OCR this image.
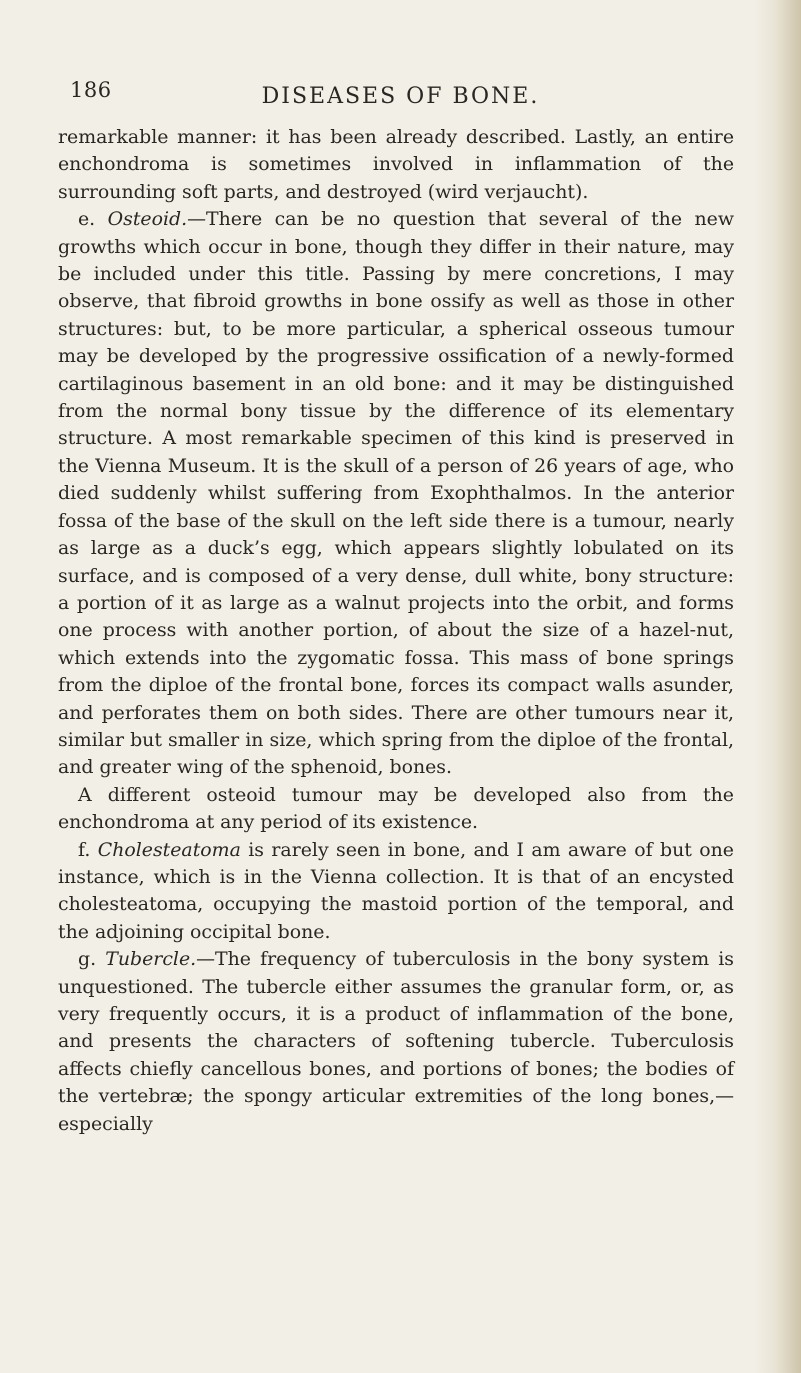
186	DISEASES OF BONE.

remarkable manner: it has been already described. Lastly, an entire enchondroma is sometimes involved in inflammation of the surrounding soft parts, and destroyed (wird verjaucht).

e. Osteoid.—There can be no question that several of the new growths which occur in bone, though they differ in their nature, may be included under this title. Passing by mere concretions, I may observe, that fibroid growths in bone ossify as well as those in other structures: but, to be more particular, a spherical osseous tumour may be developed by the progressive ossification of a newly-formed cartilaginous basement in an old bone: and it may be distinguished from the normal bony tissue by the difference of its elementary structure. A most remarkable specimen of this kind is preserved in the Vienna Museum. It is the skull of a person of 26 years of age, who died suddenly whilst suffering from Exophthalmos. In the anterior fossa of the base of the skull on the left side there is a tumour, nearly as large as a duck’s egg, which appears slightly lobulated on its surface, and is composed of a very dense, dull white, bony structure: a portion of it as large as a walnut projects into the orbit, and forms one process with another portion, of about the size of a hazel-nut, which extends into the zygomatic fossa. This mass of bone springs from the diploe of the frontal bone, forces its compact walls asunder, and perforates them on both sides. There are other tumours near it, similar but smaller in size, which spring from the diploe of the frontal, and greater wing of the sphenoid, bones.

A different osteoid tumour may be developed also from the enchondroma at any period of its existence.

f. Cholesteatoma is rarely seen in bone, and I am aware of but one instance, which is in the Vienna collection. It is that of an encysted cholesteatoma, occupying the mastoid portion of the temporal, and the adjoining occipital bone.

g. Tubercle.—The frequency of tuberculosis in the bony system is unquestioned. The tubercle either assumes the granular form, or, as very frequently occurs, it is a product of inflammation of the bone, and presents the characters of softening tubercle. Tuberculosis affects chiefly cancellous bones, and portions of bones; the bodies of the vertebræ; the spongy articular extremities of the long bones,—especially
